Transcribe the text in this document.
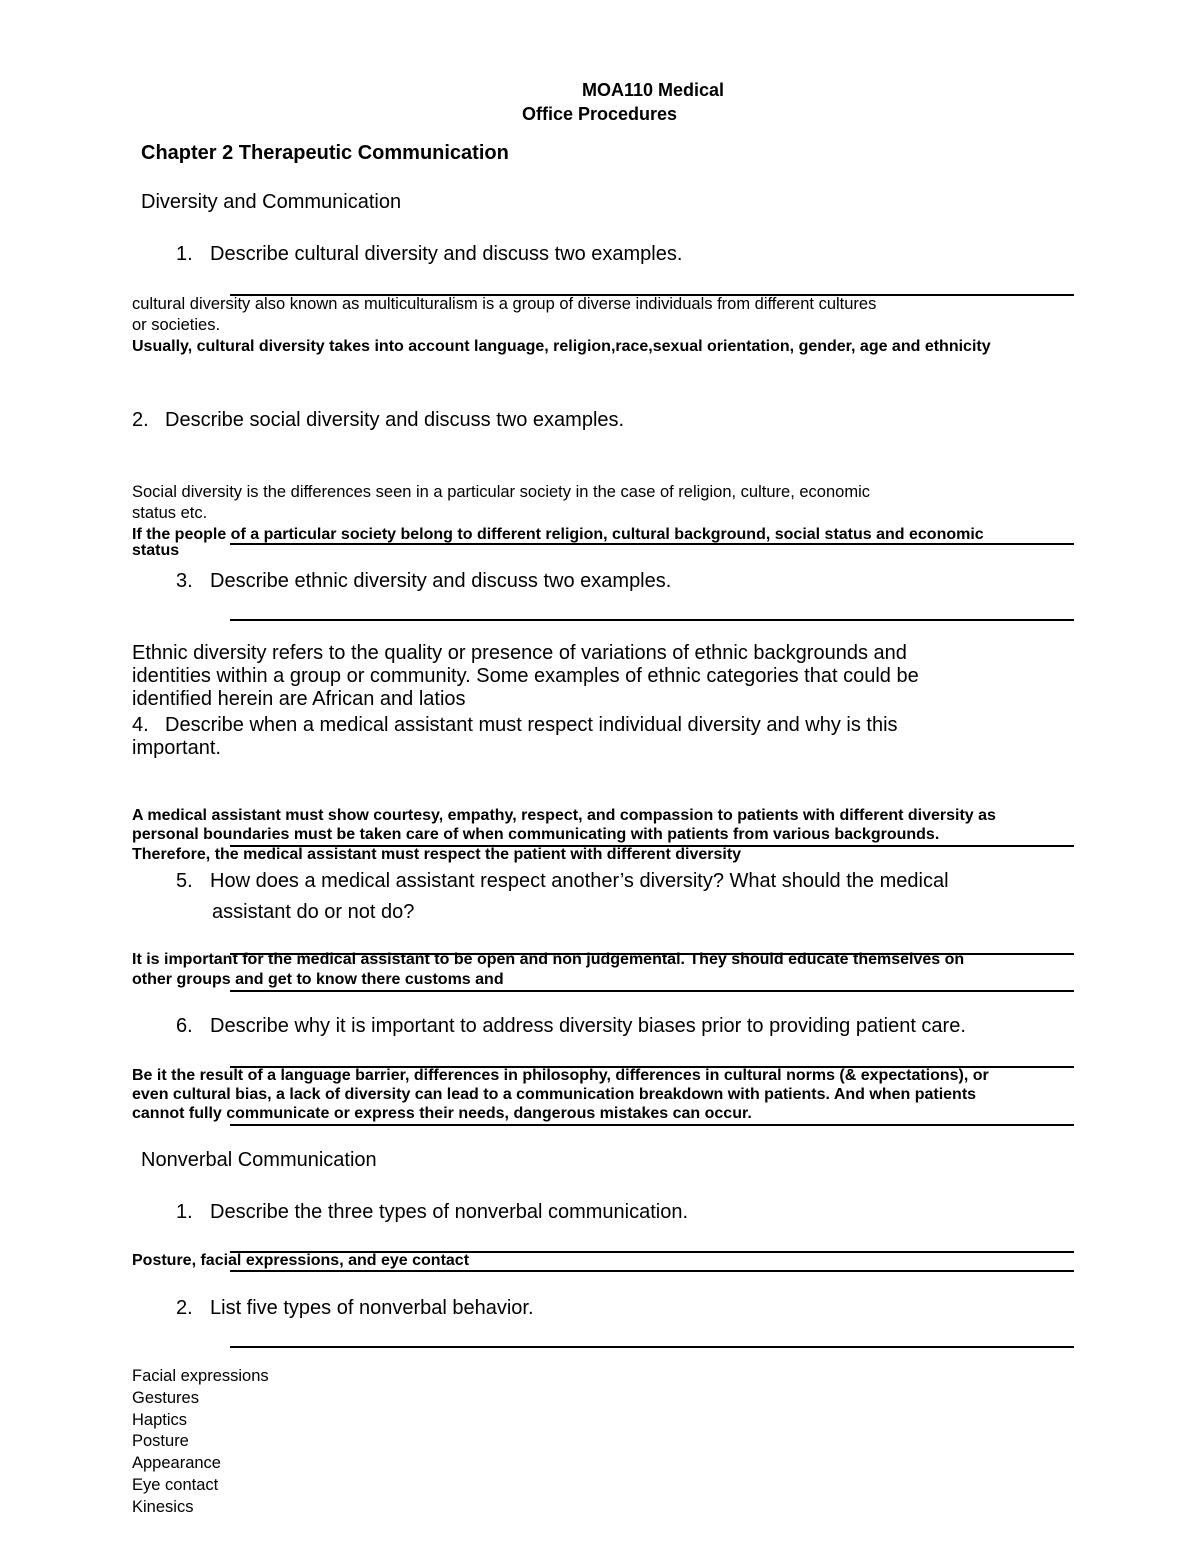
MOA110 Medical
Office Procedures
Chapter 2 Therapeutic Communication
Diversity and Communication
1. Describe cultural diversity and discuss two examples.
cultural diversity also known as multiculturalism is a group of diverse individuals from different cultures
or societies.
Usually, cultural diversity takes into account language, religion,race,sexual orientation, gender, age and ethnicity
2. Describe social diversity and discuss two examples.
Social diversity is the differences seen in a particular society in the case of religion, culture, economic
status etc.
If the people of a particular society belong to different religion, cultural background, social status and economic
status
3. Describe ethnic diversity and discuss two examples.
Ethnic diversity refers to the quality or presence of variations of ethnic backgrounds and
identities within a group or community. Some examples of ethnic categories that could be
identified herein are African and latios
4. Describe when a medical assistant must respect individual diversity and why is this
important.
A medical assistant must show courtesy, empathy, respect, and compassion to patients with different diversity as
personal boundaries must be taken care of when communicating with patients from various backgrounds.
Therefore, the medical assistant must respect the patient with different diversity
5. How does a medical assistant respect another’s diversity? What should the medical
assistant do or not do?
It is important for the medical assistant to be open and non judgemental. They should educate themselves on
other groups and get to know there customs and
6. Describe why it is important to address diversity biases prior to providing patient care.
Be it the result of a language barrier, differences in philosophy, differences in cultural norms (& expectations), or
even cultural bias, a lack of diversity can lead to a communication breakdown with patients. And when patients
cannot fully communicate or express their needs, dangerous mistakes can occur.
Nonverbal Communication
1. Describe the three types of nonverbal communication.
Posture, facial expressions, and eye contact
2. List five types of nonverbal behavior.
Facial expressions
Gestures
Haptics
Posture
Appearance
Eye contact
Kinesics
